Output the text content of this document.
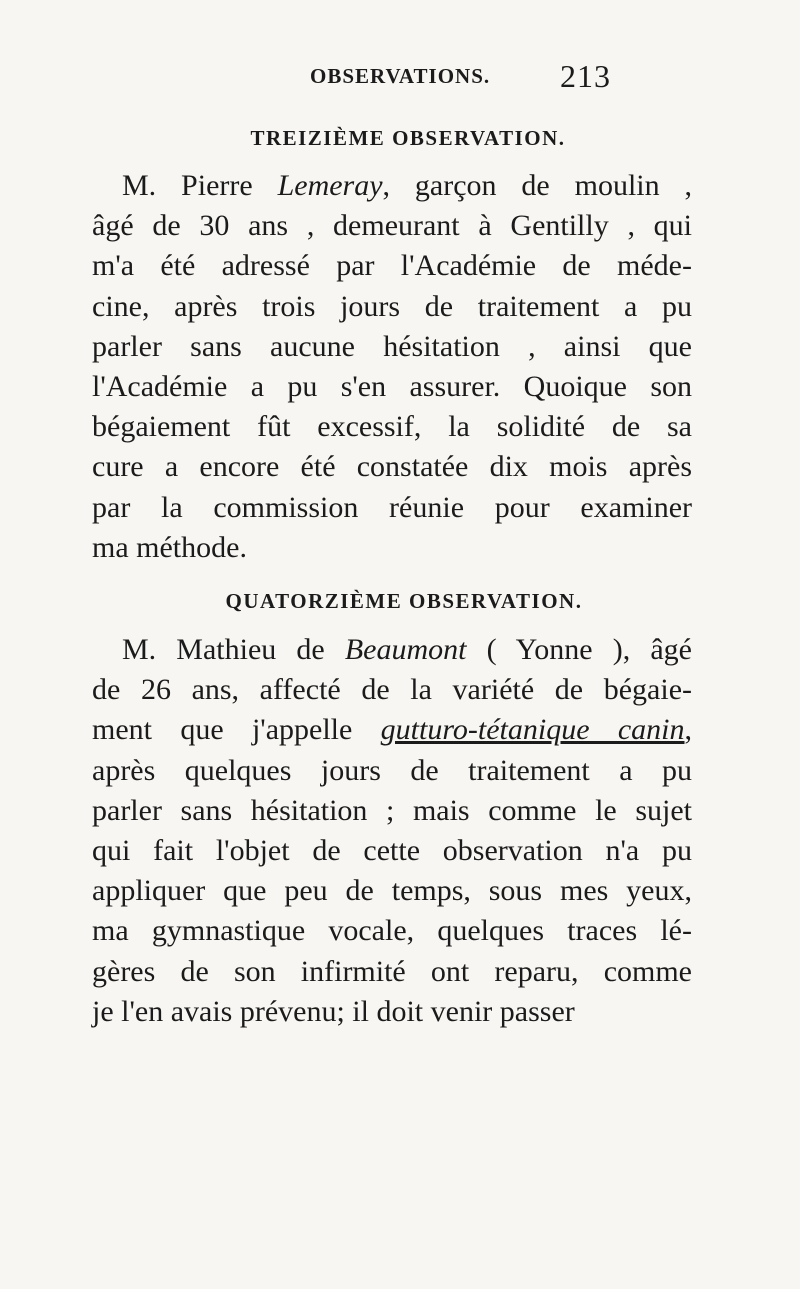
OBSERVATIONS. 213
TREIZIÈME OBSERVATION.

M. Pierre Lemeray, garçon de moulin ,
âgé de 30 ans , demeurant à Gentilly , qui
m'a été adressé par l'Académie de méde-
cine, après trois jours de traitement a pu
parler sans aucune hésitation , ainsi que
l'Académie a pu s'en assurer. Quoique son
bégaiement fût excessif, la solidité de sa
cure a encore été constatée dix mois après
par la commission réunie pour examiner
ma méthode.

QUATORZIÈME OBSERVATION.

M. Mathieu de Beaumont ( Yonne ), âgé
de 26 ans, affecté de la variété de bégaie-
ment que j'appelle gutturo-tétanique canin,
après quelques jours de traitement a pu
parler sans hésitation ; mais comme le sujet
qui fait l'objet de cette observation n'a pu
appliquer que peu de temps, sous mes yeux,
ma gymnastique vocale, quelques traces lé-
gères de son infirmité ont reparu, comme
je l'en avais prévenu; il doit venir passer
